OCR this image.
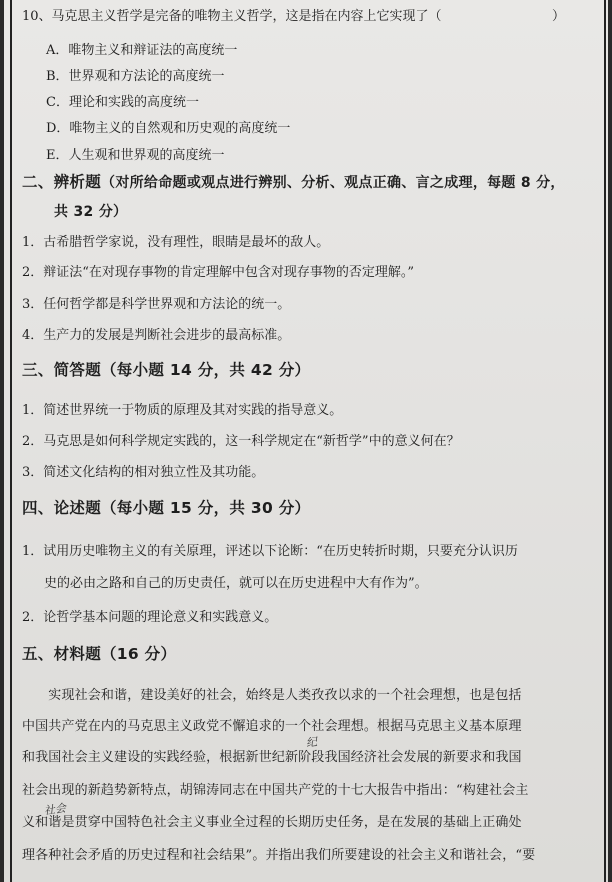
10、马克思主义哲学是完备的唯物主义哲学，这是指在内容上它实现了（	）
A．唯物主义和辩证法的高度统一
B．世界观和方法论的高度统一
C．理论和实践的高度统一
D．唯物主义的自然观和历史观的高度统一
E．人生观和世界观的高度统一
二、辨析题（对所给命题或观点进行辨别、分析、观点正确、言之成理，每题 8 分，
共 32 分）
1．古希腊哲学家说，没有理性，眼睛是最坏的敌人。
2．辩证法“在对现存事物的肯定理解中包含对现存事物的否定理解。”
3．任何哲学都是科学世界观和方法论的统一。
4．生产力的发展是判断社会进步的最高标准。
三、简答题（每小题 14 分，共 42 分）
1．简述世界统一于物质的原理及其对实践的指导意义。
2．马克思是如何科学规定实践的，这一科学规定在“新哲学”中的意义何在？
3．简述文化结构的相对独立性及其功能。
四、论述题（每小题 15 分，共 30 分）
1．试用历史唯物主义的有关原理，评述以下论断：“在历史转折时期，只要充分认识历
史的必由之路和自己的历史责任，就可以在历史进程中大有作为”。
2．论哲学基本问题的理论意义和实践意义。
五、材料题（16 分）
　　实现社会和谐，建设美好的社会，始终是人类孜孜以求的一个社会理想，也是包括
中国共产党在内的马克思主义政党不懈追求的一个社会理想。根据马克思主义基本原理
和我国社会主义建设的实践经验，根据新世纪新阶段我国经济社会发展的新要求和我国
社会出现的新趋势新特点，胡锦涛同志在中国共产党的十七大报告中指出：“构建社会主
义和谐是贯穿中国特色社会主义事业全过程的长期历史任务，是在发展的基础上正确处
理各种社会矛盾的历史过程和社会结果”。并指出我们所要建设的社会主义和谐社会，“要
纪
社会
